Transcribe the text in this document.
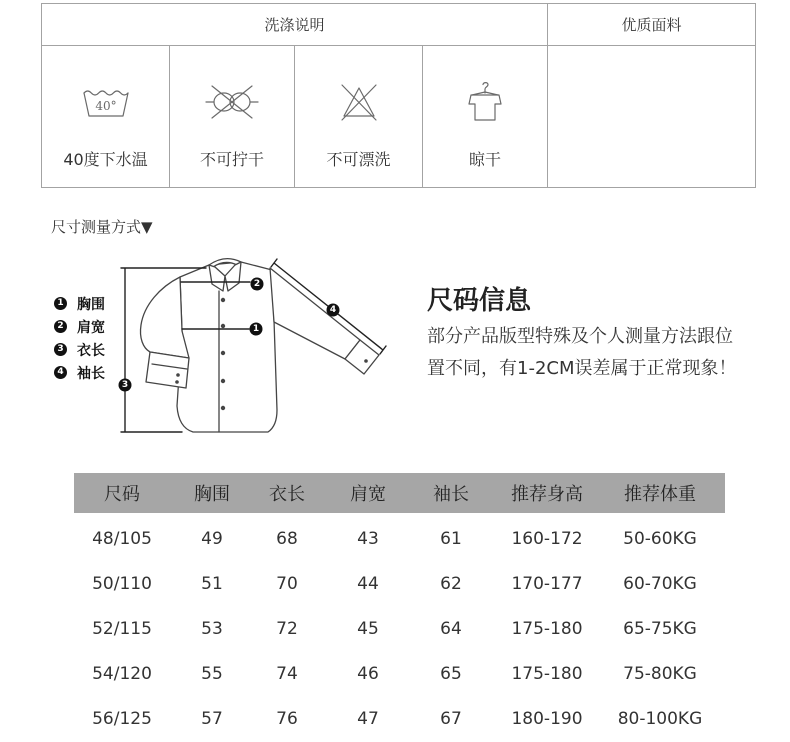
洗涤说明	优质面料
40°
40度下水温	不可拧干	不可漂洗	晾干
尺寸测量方式▼
1 胸围
2 肩宽
3 衣长
4 袖长
3
2
1
4	尺码信息
部分产品版型特殊及个人测量方法跟位
置不同，有1-2CM误差属于正常现象！
尺码	胸围	衣长	肩宽	袖长	推荐身高	推荐体重
48/105	49	68	43	61	160-172	50-60KG
50/110	51	70	44	62	170-177	60-70KG
52/115	53	72	45	64	175-180	65-75KG
54/120	55	74	46	65	175-180	75-80KG
56/125	57	76	47	67	180-190	80-100KG
